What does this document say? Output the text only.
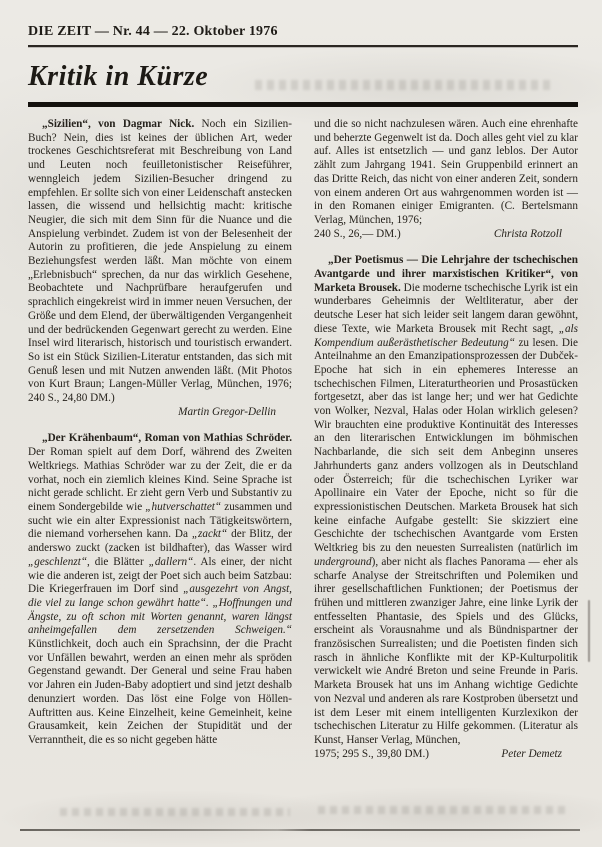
DIE ZEIT — Nr. 44 — 22. Oktober 1976
Kritik in Kürze

„Sizilien“, von Dagmar Nick. Noch ein Sizilien-Buch? Nein, dies ist keines der üblichen Art, weder trockenes Geschichtsreferat mit Beschreibung von Land und Leuten noch feuilletonistischer Reiseführer, wenngleich jedem Sizilien-Besucher dringend zu empfehlen. Er sollte sich von einer Leidenschaft anstecken lassen, die wissend und hellsichtig macht: kritische Neugier, die sich mit dem Sinn für die Nuance und die Anspielung verbindet. Zudem ist von der Belesenheit der Autorin zu profitieren, die jede Anspielung zu einem Beziehungsfest werden läßt. Man möchte von einem „Erlebnisbuch“ sprechen, da nur das wirklich Gesehene, Beobachtete und Nachprüfbare heraufgerufen und sprachlich eingekreist wird in immer neuen Versuchen, der Größe und dem Elend, der überwältigenden Vergangenheit und der bedrückenden Gegenwart gerecht zu werden. Eine Insel wird literarisch, historisch und touristisch erwandert. So ist ein Stück Sizilien-Literatur entstanden, das sich mit Genuß lesen und mit Nutzen anwenden läßt. (Mit Photos von Kurt Braun; Langen-Müller Verlag, München, 1976; 240 S., 24,80 DM.)

Martin Gregor-Dellin

„Der Krähenbaum“, Roman von Mathias Schröder. Der Roman spielt auf dem Dorf, während des Zweiten Weltkriegs. Mathias Schröder war zu der Zeit, die er da vorhat, noch ein ziemlich kleines Kind. Seine Sprache ist nicht gerade schlicht. Er zieht gern Verb und Substantiv zu einem Sondergebilde wie „hutverschattet“ zusammen und sucht wie ein alter Expressionist nach Tätigkeitswörtern, die niemand vorhersehen kann. Da „zackt“ der Blitz, der anderswo zuckt (zacken ist bildhafter), das Wasser wird „geschlenzt“, die Blätter „dallern“. Als einer, der nicht wie die anderen ist, zeigt der Poet sich auch beim Satzbau: Die Kriegerfrauen im Dorf sind „ausgezehrt von Angst, die viel zu lange schon gewährt hatte“. „Hoffnungen und Ängste, zu oft schon mit Worten genannt, waren längst anheimgefallen dem zersetzenden Schweigen.“ Künstlichkeit, doch auch ein Sprachsinn, der die Pracht vor Unfällen bewahrt, werden an einen mehr als spröden Gegenstand gewandt. Der General und seine Frau haben vor Jahren ein Juden-Baby adoptiert und sind jetzt deshalb denunziert worden. Das löst eine Folge von Höllen-Auftritten aus. Keine Einzelheit, keine Gemeinheit, keine Grausamkeit, kein Zeichen der Stupidität und der Verranntheit, die es so nicht gegeben hätte

und die so nicht nachzulesen wären. Auch eine ehrenhafte und beherzte Gegenwelt ist da. Doch alles geht viel zu klar auf. Alles ist entsetzlich — und ganz leblos. Der Autor zählt zum Jahrgang 1941. Sein Gruppenbild erinnert an das Dritte Reich, das nicht von einer anderen Zeit, sondern von einem anderen Ort aus wahrgenommen worden ist — in den Romanen einiger Emigranten. (C. Bertelsmann Verlag, München, 1976;

240 S., 26,— DM.)	Christa Rotzoll

„Der Poetismus — Die Lehrjahre der tschechischen Avantgarde und ihrer marxistischen Kritiker“, von Marketa Brousek. Die moderne tschechische Lyrik ist ein wunderbares Geheimnis der Weltliteratur, aber der deutsche Leser hat sich leider seit langem daran gewöhnt, diese Texte, wie Marketa Brousek mit Recht sagt, „als Kompendium außerästhetischer Bedeutung“ zu lesen. Die Anteilnahme an den Emanzipationsprozessen der Dubček-Epoche hat sich in ein ephemeres Interesse an tschechischen Filmen, Literaturtheorien und Prosastücken fortgesetzt, aber das ist lange her; und wer hat Gedichte von Wolker, Nezval, Halas oder Holan wirklich gelesen? Wir brauchten eine produktive Kontinuität des Interesses an den literarischen Entwicklungen im böhmischen Nachbarlande, die sich seit dem Anbeginn unseres Jahrhunderts ganz anders vollzogen als in Deutschland oder Österreich; für die tschechischen Lyriker war Apollinaire ein Vater der Epoche, nicht so für die expressionistischen Deutschen. Marketa Brousek hat sich keine einfache Aufgabe gestellt: Sie skizziert eine Geschichte der tschechischen Avantgarde vom Ersten Weltkrieg bis zu den neuesten Surrealisten (natürlich im underground), aber nicht als flaches Panorama — eher als scharfe Analyse der Streitschriften und Polemiken und ihrer gesellschaftlichen Funktionen; der Poetismus der frühen und mittleren zwanziger Jahre, eine linke Lyrik der entfesselten Phantasie, des Spiels und des Glücks, erscheint als Vorausnahme und als Bündnispartner der französischen Surrealisten; und die Poetisten finden sich rasch in ähnliche Konflikte mit der KP-Kulturpolitik verwickelt wie André Breton und seine Freunde in Paris. Marketa Brousek hat uns im Anhang wichtige Gedichte von Nezval und anderen als rare Kostproben übersetzt und ist dem Leser mit einem intelligenten Kurzlexikon der tschechischen Literatur zu Hilfe gekommen. (Literatur als Kunst, Hanser Verlag, München,

1975; 295 S., 39,80 DM.)	Peter Demetz
